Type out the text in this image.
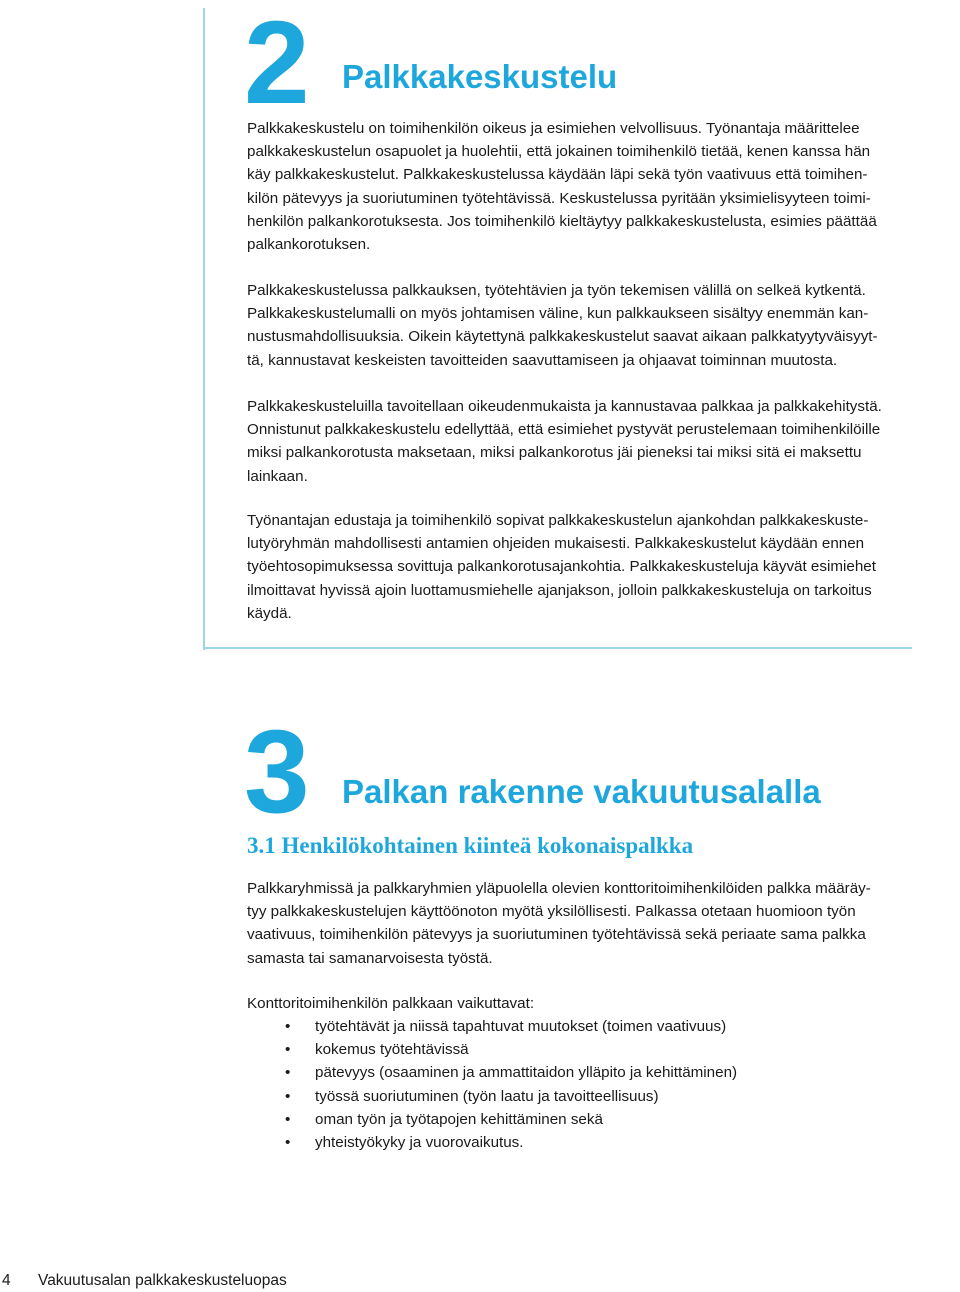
2 Palkkakeskustelu

Palkkakeskustelu on toimihenkilön oikeus ja esimiehen velvollisuus. Työnantaja määrittelee
palkkakeskustelun osapuolet ja huolehtii, että jokainen toimihenkilö tietää, kenen kanssa hän
käy palkkakeskustelut. Palkkakeskustelussa käydään läpi sekä työn vaativuus että toimihen-
kilön pätevyys ja suoriutuminen työtehtävissä. Keskustelussa pyritään yksimielisyyteen toimi-
henkilön palkankorotuksesta. Jos toimihenkilö kieltäytyy palkkakeskustelusta, esimies päättää
palkankorotuksen.

Palkkakeskustelussa palkkauksen, työtehtävien ja työn tekemisen välillä on selkeä kytkentä.
Palkkakeskustelumalli on myös johtamisen väline, kun palkkaukseen sisältyy enemmän kan-
nustusmahdollisuuksia. Oikein käytettynä palkkakeskustelut saavat aikaan palkkatyytyväisyyt-
tä, kannustavat keskeisten tavoitteiden saavuttamiseen ja ohjaavat toiminnan muutosta.

Palkkakeskusteluilla tavoitellaan oikeudenmukaista ja kannustavaa palkkaa ja palkkakehitystä.
Onnistunut palkkakeskustelu edellyttää, että esimiehet pystyvät perustelemaan toimihenkilöille
miksi palkankorotusta maksetaan, miksi palkankorotus jäi pieneksi tai miksi sitä ei maksettu
lainkaan.

Työnantajan edustaja ja toimihenkilö sopivat palkkakeskustelun ajankohdan palkkakeskuste-
lutyöryhmän mahdollisesti antamien ohjeiden mukaisesti. Palkkakeskustelut käydään ennen
työehtosopimuksessa sovittuja palkankorotusajankohtia. Palkkakeskusteluja käyvät esimiehet
ilmoittavat hyvissä ajoin luottamusmiehelle ajanjakson, jolloin palkkakeskusteluja on tarkoitus
käydä.

3 Palkan rakenne vakuutusalalla
3.1 Henkilökohtainen kiinteä kokonaispalkka

Palkkaryhmissä ja palkkaryhmien yläpuolella olevien konttoritoimihenkilöiden palkka määräy-
tyy palkkakeskustelujen käyttöönoton myötä yksilöllisesti. Palkassa otetaan huomioon työn
vaativuus, toimihenkilön pätevyys ja suoriutuminen työtehtävissä sekä periaate sama palkka
samasta tai samanarvoisesta työstä.

Konttoritoimihenkilön palkkaan vaikuttavat:

• työtehtävät ja niissä tapahtuvat muutokset (toimen vaativuus)
• kokemus työtehtävissä
• pätevyys (osaaminen ja ammattitaidon ylläpito ja kehittäminen)
• työssä suoriutuminen (työn laatu ja tavoitteellisuus)
• oman työn ja työtapojen kehittäminen sekä
• yhteistyökyky ja vuorovaikutus.
4 Vakuutusalan palkkakeskusteluopas
